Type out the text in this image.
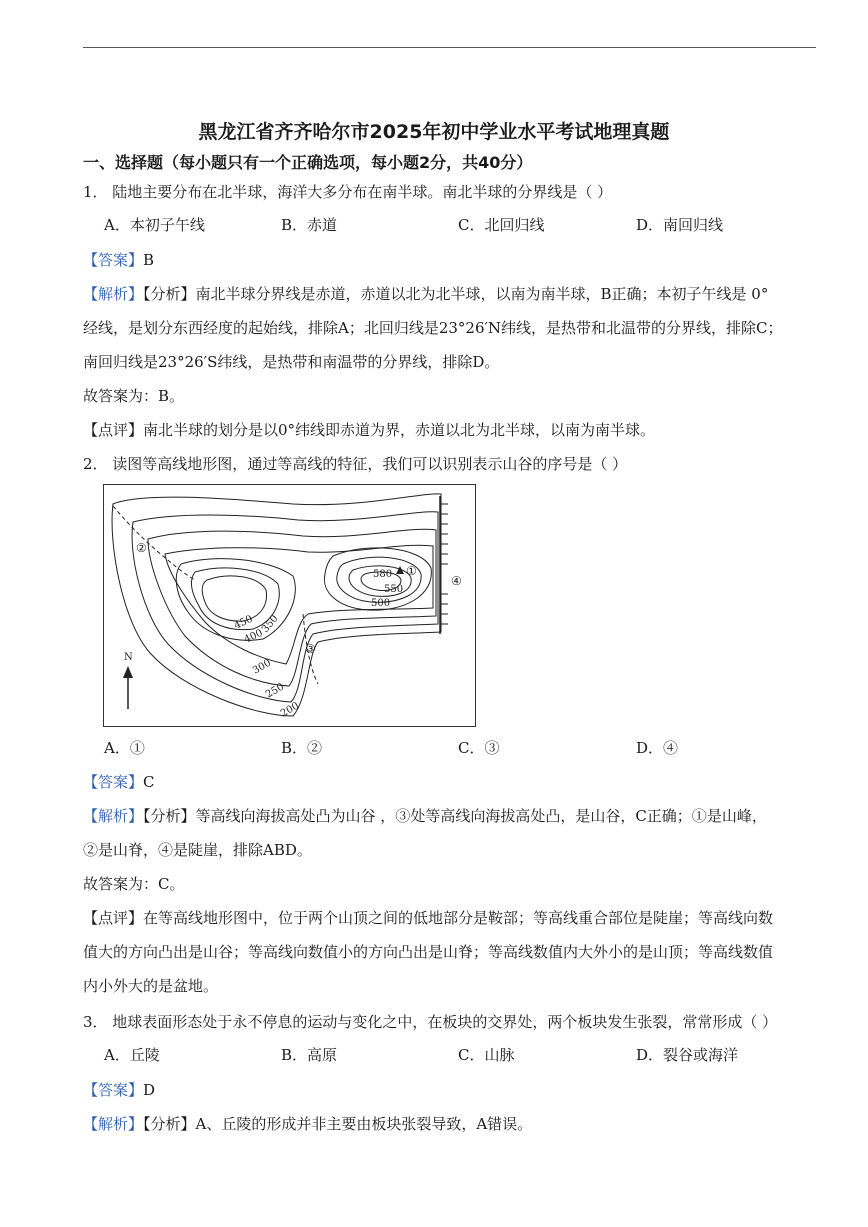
黑龙江省齐齐哈尔市2025年初中学业水平考试地理真题
一、选择题（每小题只有一个正确选项，每小题2分，共40分）
1． 陆地主要分布在北半球，海洋大多分布在南半球。南北半球的分界线是（ ）
A．本初子午线	B．赤道	C．北回归线	D．南回归线
【答案】B
【解析】【分析】南北半球分界线是赤道，赤道以北为北半球，以南为南半球，B正确；本初子午线是 0°
经线，是划分东西经度的起始线，排除A；北回归线是23°26′N纬线，是热带和北温带的分界线，排除C；
南回归线是23°26′S纬线，是热带和南温带的分界线，排除D。
故答案为：B。
【点评】南北半球的划分是以0°纬线即赤道为界，赤道以北为北半球，以南为南半球。
2． 读图等高线地形图，通过等高线的特征，我们可以识别表示山谷的序号是（ ）
580
550
500
450
400
350
300
250
200
N
①
②
③
④
A．①	B．②	C．③	D．④
【答案】C
【解析】【分析】等高线向海拔高处凸为山谷 ，③处等高线向海拔高处凸，是山谷，C正确；①是山峰，
②是山脊，④是陡崖，排除ABD。
故答案为：C。
【点评】在等高线地形图中，位于两个山顶之间的低地部分是鞍部；等高线重合部位是陡崖；等高线向数
值大的方向凸出是山谷；等高线向数值小的方向凸出是山脊；等高线数值内大外小的是山顶；等高线数值
内小外大的是盆地。
3． 地球表面形态处于永不停息的运动与变化之中，在板块的交界处，两个板块发生张裂，常常形成（ ）
A．丘陵	B．高原	C．山脉	D．裂谷或海洋
【答案】D
【解析】【分析】A、丘陵的形成并非主要由板块张裂导致，A错误。
